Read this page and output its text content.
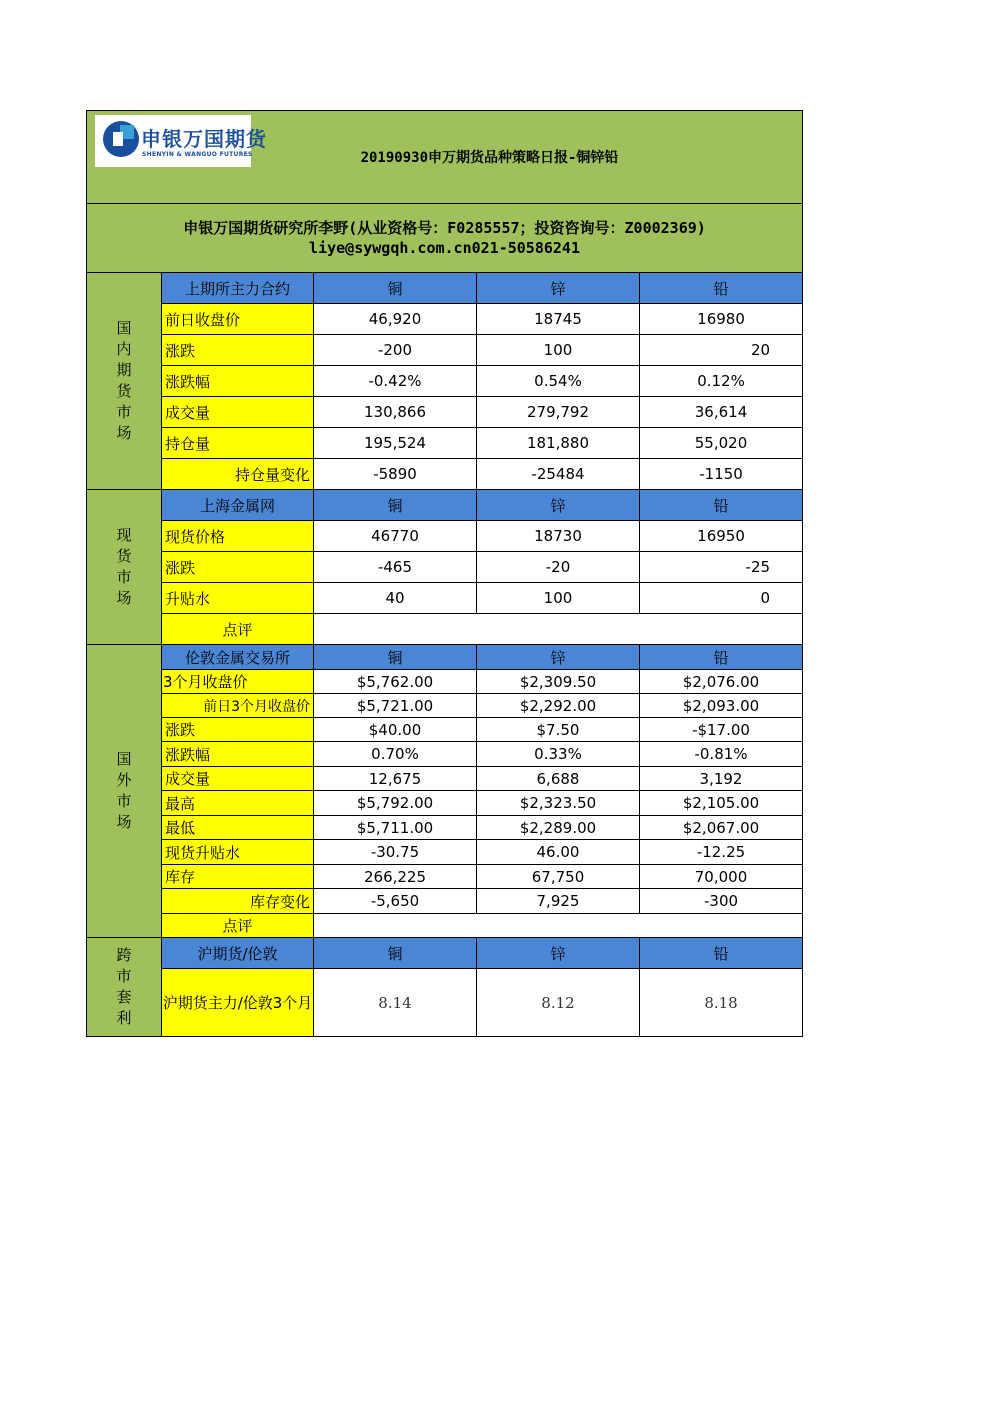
申银万国期货
SHENYIN & WANGUO FUTURES 20190930申万期货品种策略日报-铜锌铅				

申银万国期货研究所李野(从业资格号：F0285557；投资咨询号：Z0002369)
liye@sywgqh.com.cn021-50586241				

国内期货市场	上期所主力合约	铜	锌	铅
	前日收盘价	46,920	18745	16980
	涨跌	-200	100	20
	涨跌幅	-0.42%	0.54%	0.12%
	成交量	130,866	279,792	36,614
	持仓量	195,524	181,880	55,020
	持仓量变化	-5890	-25484	-1150
现货市场	上海金属网	铜	锌	铅
	现货价格	46770	18730	16950
	涨跌	-465	-20	-25
	升贴水	40	100	0
	点评			
国外市场	伦敦金属交易所	铜	锌	铅
	3个月收盘价	$5,762.00	$2,309.50	$2,076.00
	前日3个月收盘价	$5,721.00	$2,292.00	$2,093.00
	涨跌	$40.00	$7.50	-$17.00
	涨跌幅	0.70%	0.33%	-0.81%
	成交量	12,675	6,688	3,192
	最高	$5,792.00	$2,323.50	$2,105.00
	最低	$5,711.00	$2,289.00	$2,067.00
	现货升贴水	-30.75	46.00	-12.25
	库存	266,225	67,750	70,000
	库存变化	-5,650	7,925	-300
	点评			
跨市套利	沪期货/伦敦	铜	锌	铅
	沪期货主力/伦敦3个月	8.14	8.12	8.18
